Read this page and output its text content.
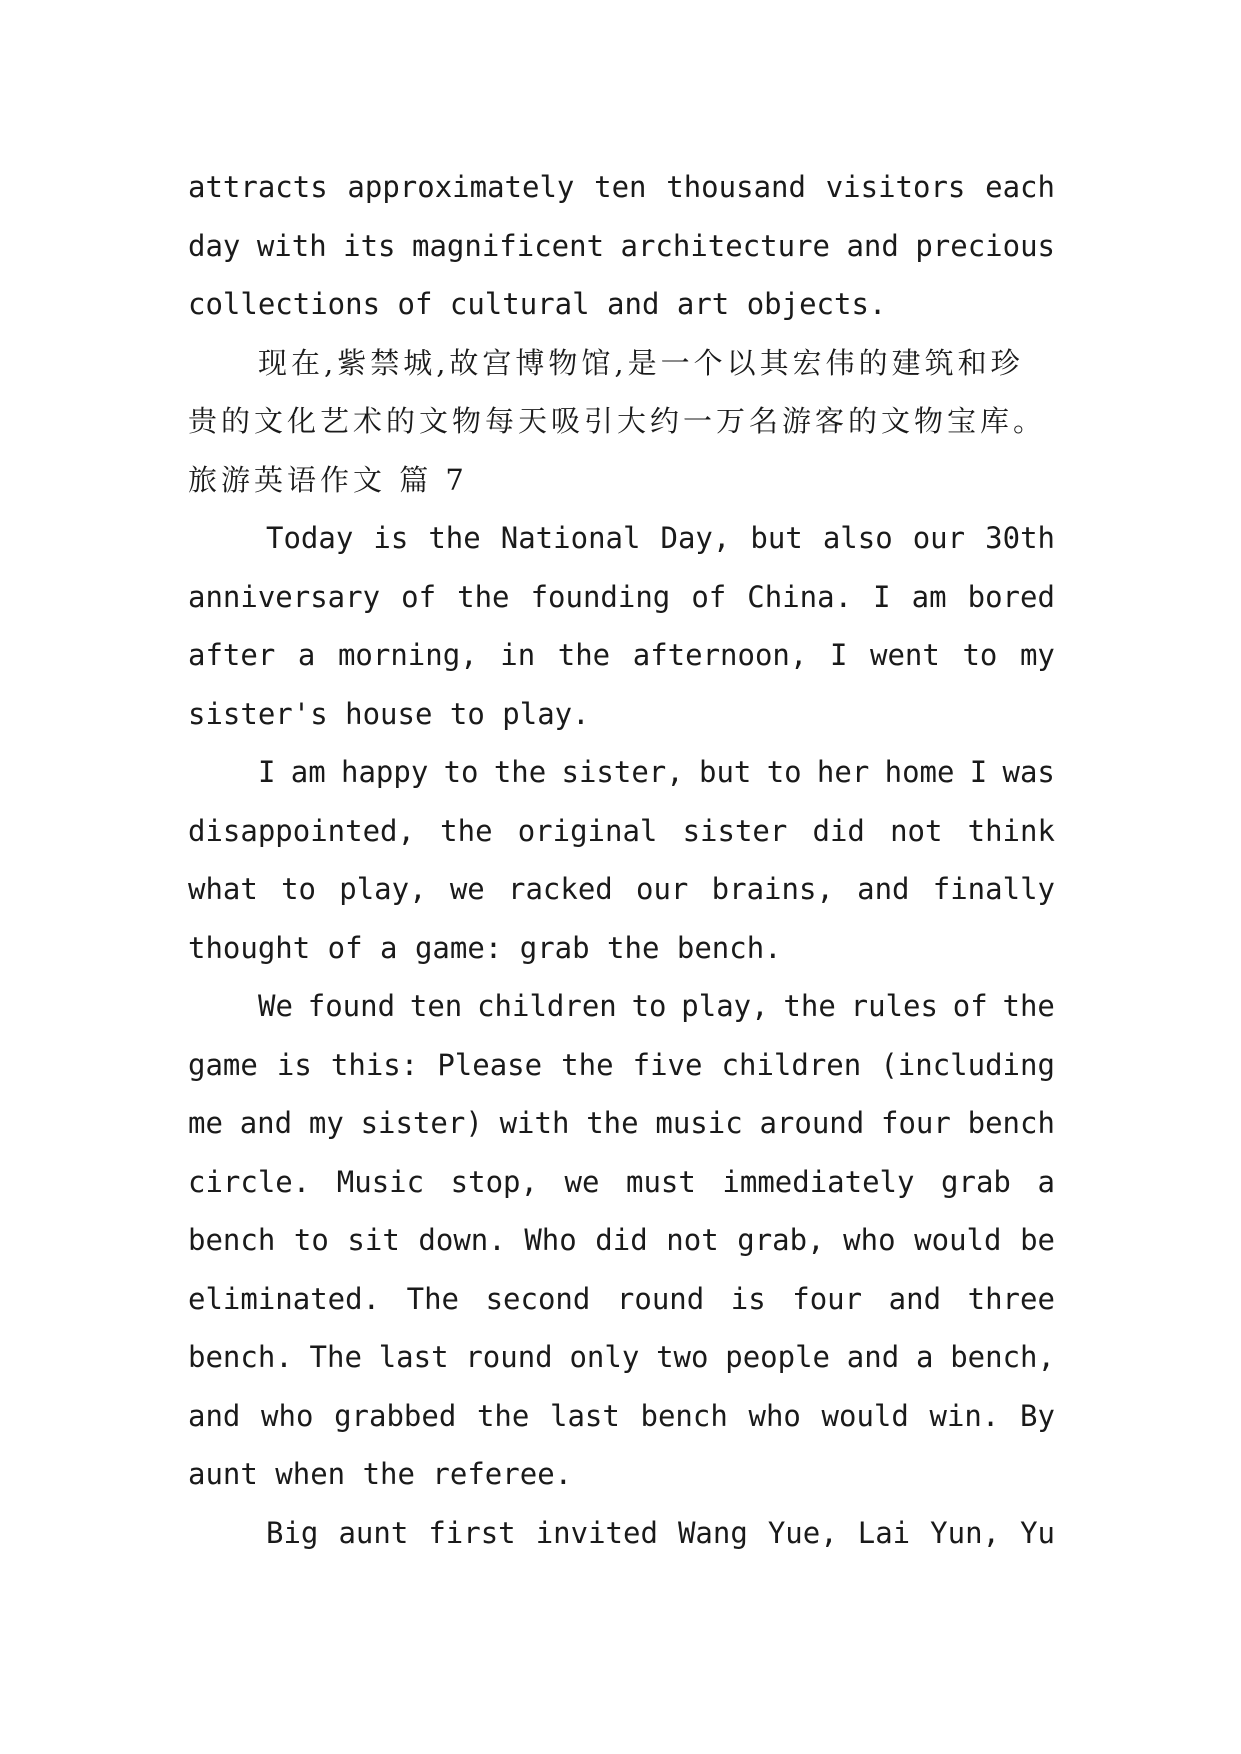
attracts approximately ten thousand visitors each
day with its magnificent architecture and precious
collections of cultural and art objects.
现在,紫禁城,故宫博物馆,是一个以其宏伟的建筑和珍
贵的文化艺术的文物每天吸引大约一万名游客的文物宝库。
旅游英语作文 篇 7
Today is the National Day, but also our 30th
anniversary of the founding of China. I am bored
after a morning, in the afternoon, I went to my
sister's house to play.
I am happy to the sister, but to her home I was
disappointed, the original sister did not think
what to play, we racked our brains, and finally
thought of a game: grab the bench.
We found ten children to play, the rules of the
game is this: Please the five children (including
me and my sister) with the music around four bench
circle. Music stop, we must immediately grab a
bench to sit down. Who did not grab, who would be
eliminated. The second round is four and three
bench. The last round only two people and a bench,
and who grabbed the last bench who would win. By
aunt when the referee.
Big aunt first invited Wang Yue, Lai Yun, Yu
